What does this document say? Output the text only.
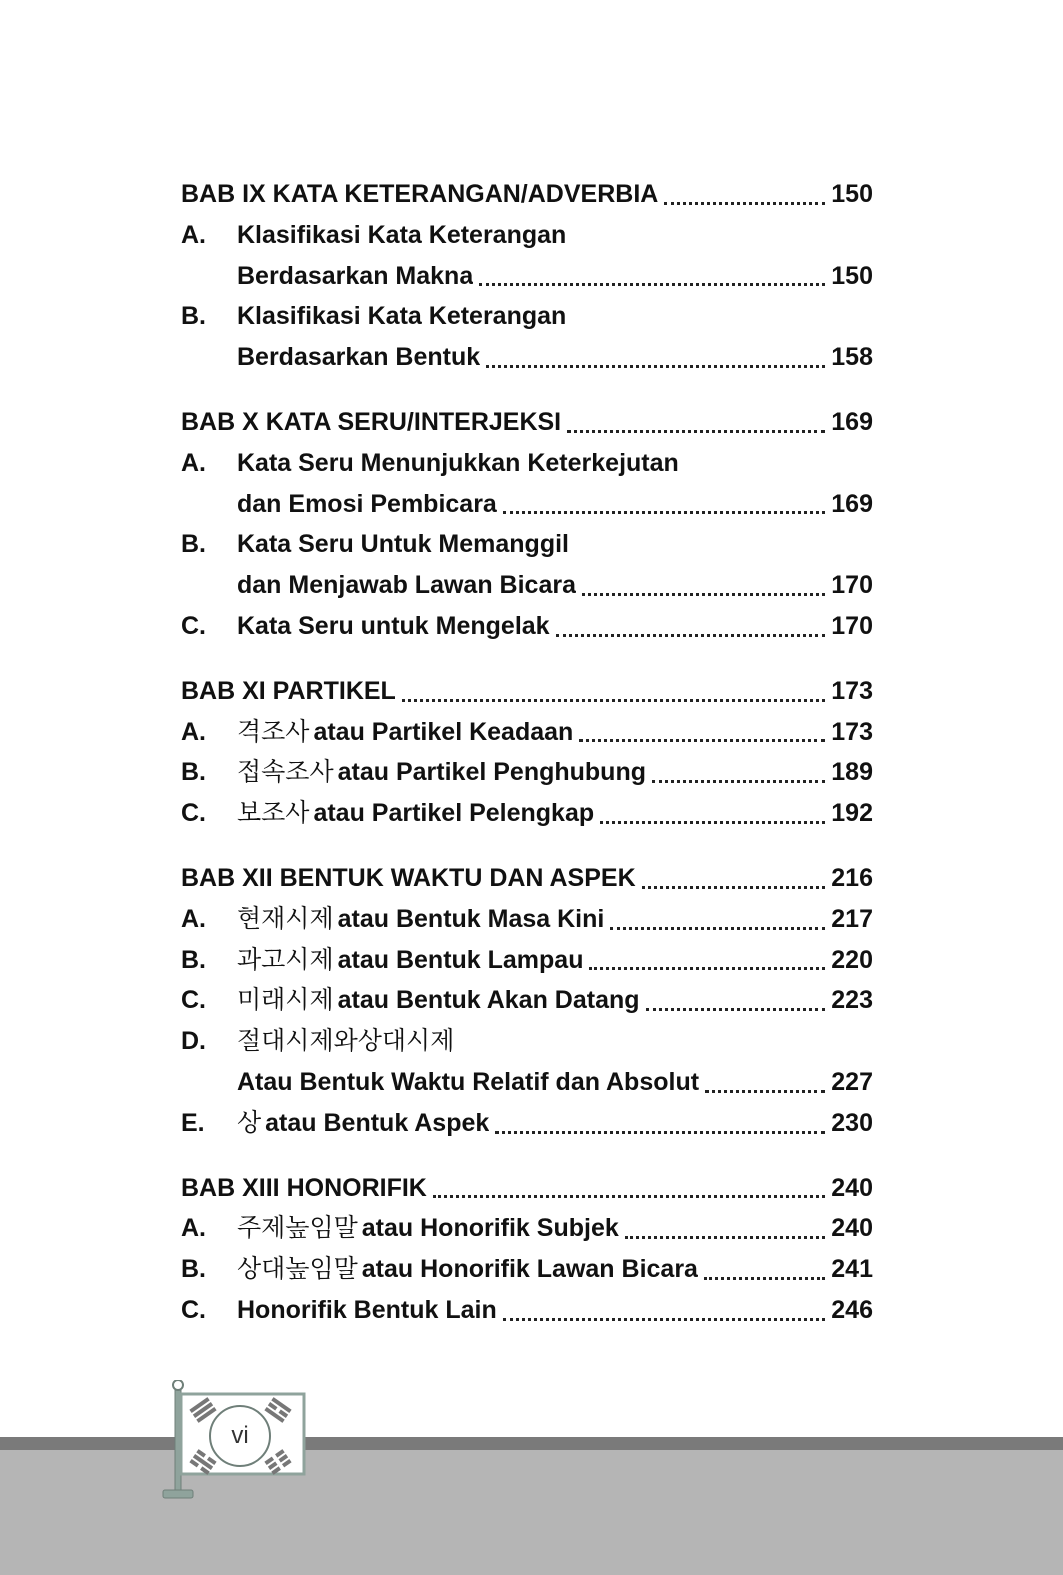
BAB IX KATA KETERANGAN/ADVERBIA	150
A.	Klasifikasi Kata Keterangan
Berdasarkan Makna	150
B.	Klasifikasi Kata Keterangan
Berdasarkan Bentuk	158
BAB X KATA SERU/INTERJEKSI	169
A.	Kata Seru Menunjukkan Keterkejutan
dan Emosi Pembicara	169
B.	Kata Seru Untuk Memanggil
dan Menjawab Lawan Bicara	170
C.	Kata Seru untuk Mengelak	170
BAB XI PARTIKEL	173
A.	격조사 atau Partikel Keadaan	173
B.	접속조사 atau Partikel Penghubung	189
C.	보조사 atau Partikel Pelengkap	192
BAB XII BENTUK WAKTU DAN ASPEK	216
A.	현재시제 atau Bentuk Masa Kini	217
B.	과고시제 atau Bentuk Lampau	220
C.	미래시제 atau Bentuk Akan Datang	223
D.	절대시제와상대시제
Atau Bentuk Waktu Relatif dan Absolut	227
E.	상 atau Bentuk Aspek	230
BAB XIII HONORIFIK	240
A.	주제높임말 atau Honorifik Subjek	240
B.	상대높임말 atau Honorifik Lawan Bicara	241
C.	Honorifik Bentuk Lain	246
vi
